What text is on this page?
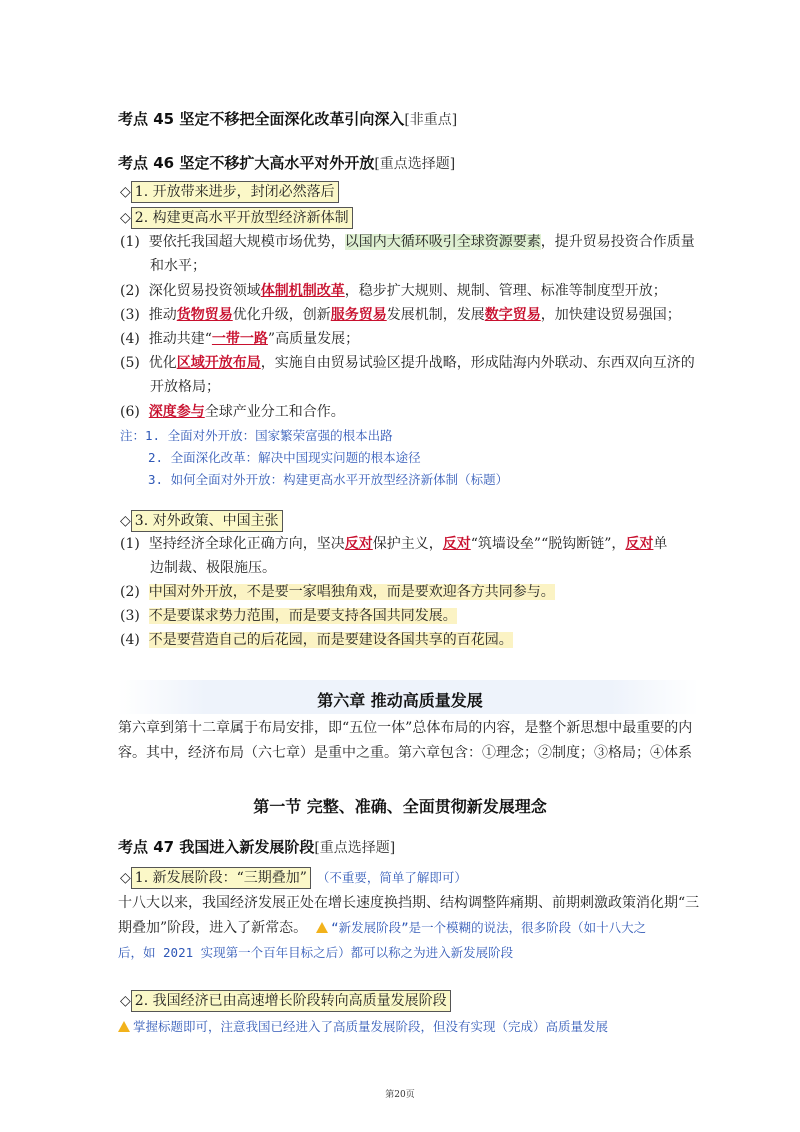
考点 45 坚定不移把全面深化改革引向深入[非重点]
考点 46 坚定不移扩大高水平对外开放[重点选择题]
◇ 1. 开放带来进步，封闭必然落后
◇ 2. 构建更高水平开放型经济新体制
(1) 要依托我国超大规模市场优势，以国内大循环吸引全球资源要素，提升贸易投资合作质量
和水平；
(2) 深化贸易投资领域体制机制改革，稳步扩大规则、规制、管理、标准等制度型开放；
(3) 推动货物贸易优化升级，创新服务贸易发展机制，发展数字贸易，加快建设贸易强国；
(4) 推动共建“一带一路”高质量发展；
(5) 优化区域开放布局，实施自由贸易试验区提升战略，形成陆海内外联动、东西双向互济的
开放格局；
(6) 深度参与全球产业分工和合作。
注：1. 全面对外开放：国家繁荣富强的根本出路
2. 全面深化改革：解决中国现实问题的根本途径
3. 如何全面对外开放：构建更高水平开放型经济新体制（标题）
◇ 3. 对外政策、中国主张
(1) 坚持经济全球化正确方向，坚决反对保护主义，反对“筑墙设垒”“脱钩断链”，反对单
边制裁、极限施压。
(2) 中国对外开放，不是要一家唱独角戏，而是要欢迎各方共同参与。
(3) 不是要谋求势力范围，而是要支持各国共同发展。
(4) 不是要营造自己的后花园，而是要建设各国共享的百花园。
第六章 推动高质量发展
第六章到第十二章属于布局安排，即“五位一体”总体布局的内容，是整个新思想中最重要的内
容。其中，经济布局（六七章）是重中之重。第六章包含：①理念；②制度；③格局；④体系
第一节 完整、准确、全面贯彻新发展理念
考点 47 我国进入新发展阶段[重点选择题]
◇ 1. 新发展阶段：“三期叠加” （不重要，简单了解即可）
十八大以来，我国经济发展正处在增长速度换挡期、结构调整阵痛期、前期刺激政策消化期“三
期叠加”阶段，进入了新常态。 “新发展阶段”是一个模糊的说法，很多阶段（如十八大之
后，如 2021 实现第一个百年目标之后）都可以称之为进入新发展阶段
◇ 2. 我国经济已由高速增长阶段转向高质量发展阶段
掌握标题即可，注意我国已经进入了高质量发展阶段，但没有实现（完成）高质量发展
第20页
